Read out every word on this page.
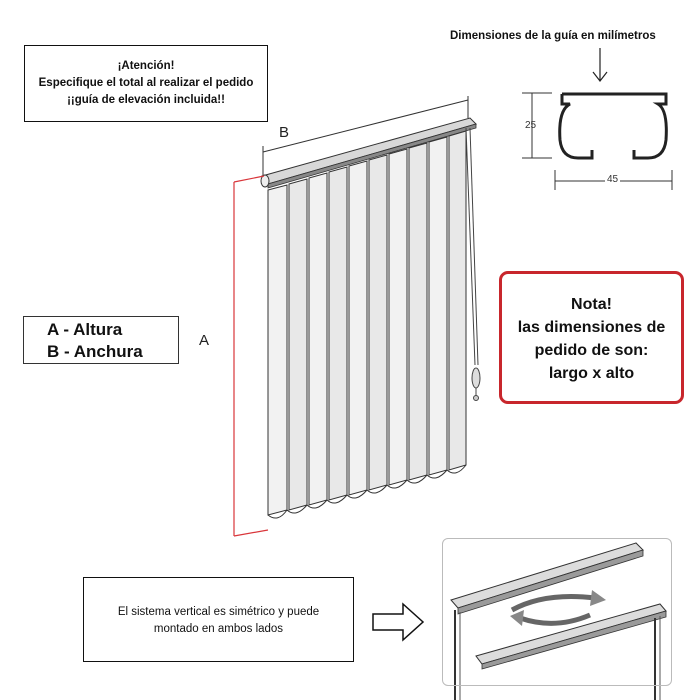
¡Atención!
Especifique el total al realizar el pedido
¡¡guía de elevación incluida!!
Dimensiones de la guía en milímetros
A - Altura
B - Anchura
Nota!
las dimensiones de
pedido de son:
largo x alto
El sistema vertical es simétrico y puede
montado en ambos lados
B
A
25
45
